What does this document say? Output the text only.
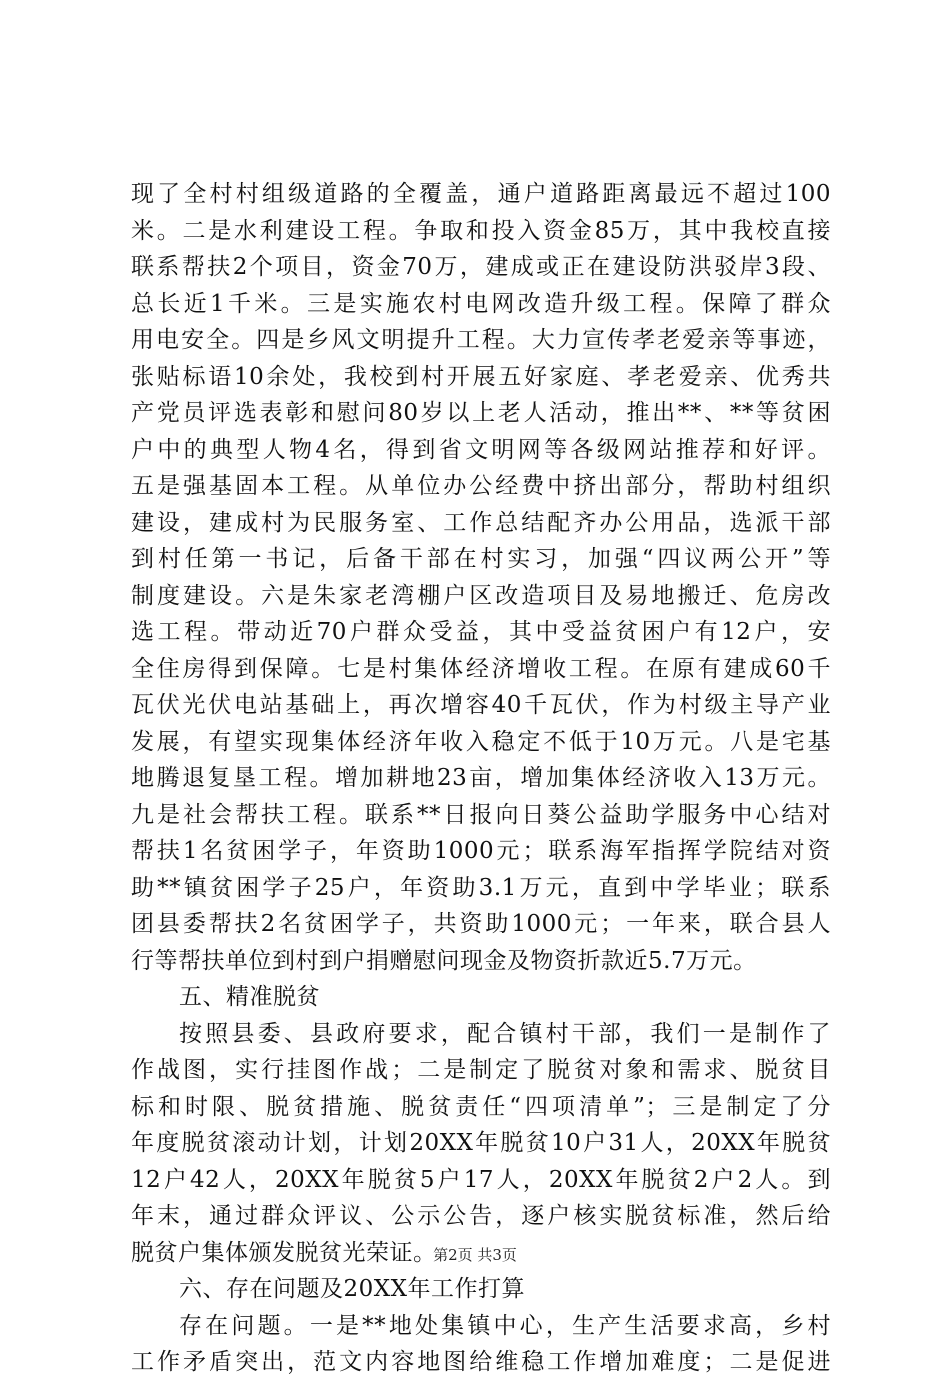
现了全村村组级道路的全覆盖，通户道路距离最远不超过100
米。二是水利建设工程。争取和投入资金85万，其中我校直接
联系帮扶2个项目，资金70万，建成或正在建设防洪驳岸3段、
总长近1千米。三是实施农村电网改造升级工程。保障了群众
用电安全。四是乡风文明提升工程。大力宣传孝老爱亲等事迹，
张贴标语10余处，我校到村开展五好家庭、孝老爱亲、优秀共
产党员评选表彰和慰问80岁以上老人活动，推出**、**等贫困
户中的典型人物4名，得到省文明网等各级网站推荐和好评。
五是强基固本工程。从单位办公经费中挤出部分，帮助村组织
建设，建成村为民服务室、工作总结配齐办公用品，选派干部
到村任第一书记，后备干部在村实习，加强“四议两公开”等
制度建设。六是朱家老湾棚户区改造项目及易地搬迁、危房改
选工程。带动近70户群众受益，其中受益贫困户有12户，安
全住房得到保障。七是村集体经济增收工程。在原有建成60千
瓦伏光伏电站基础上，再次增容40千瓦伏，作为村级主导产业
发展，有望实现集体经济年收入稳定不低于10万元。八是宅基
地腾退复垦工程。增加耕地23亩，增加集体经济收入13万元。
九是社会帮扶工程。联系**日报向日葵公益助学服务中心结对
帮扶1名贫困学子，年资助1000元；联系海军指挥学院结对资
助**镇贫困学子25户，年资助3.1万元，直到中学毕业；联系
团县委帮扶2名贫困学子，共资助1000元；一年来，联合县人
行等帮扶单位到村到户捐赠慰问现金及物资折款近5.7万元。
五、精准脱贫
按照县委、县政府要求，配合镇村干部，我们一是制作了
作战图，实行挂图作战；二是制定了脱贫对象和需求、脱贫目
标和时限、脱贫措施、脱贫责任“四项清单”；三是制定了分
年度脱贫滚动计划，计划20XX年脱贫10户31人，20XX年脱贫
12户42人，20XX年脱贫5户17人，20XX年脱贫2户2人。到
年末，通过群众评议、公示公告，逐户核实脱贫标准，然后给
脱贫户集体颁发脱贫光荣证。
六、存在问题及20XX年工作打算
存在问题。一是**地处集镇中心，生产生活要求高，乡村
工作矛盾突出，范文内容地图给维稳工作增加难度；二是促进
第2页 共3页
